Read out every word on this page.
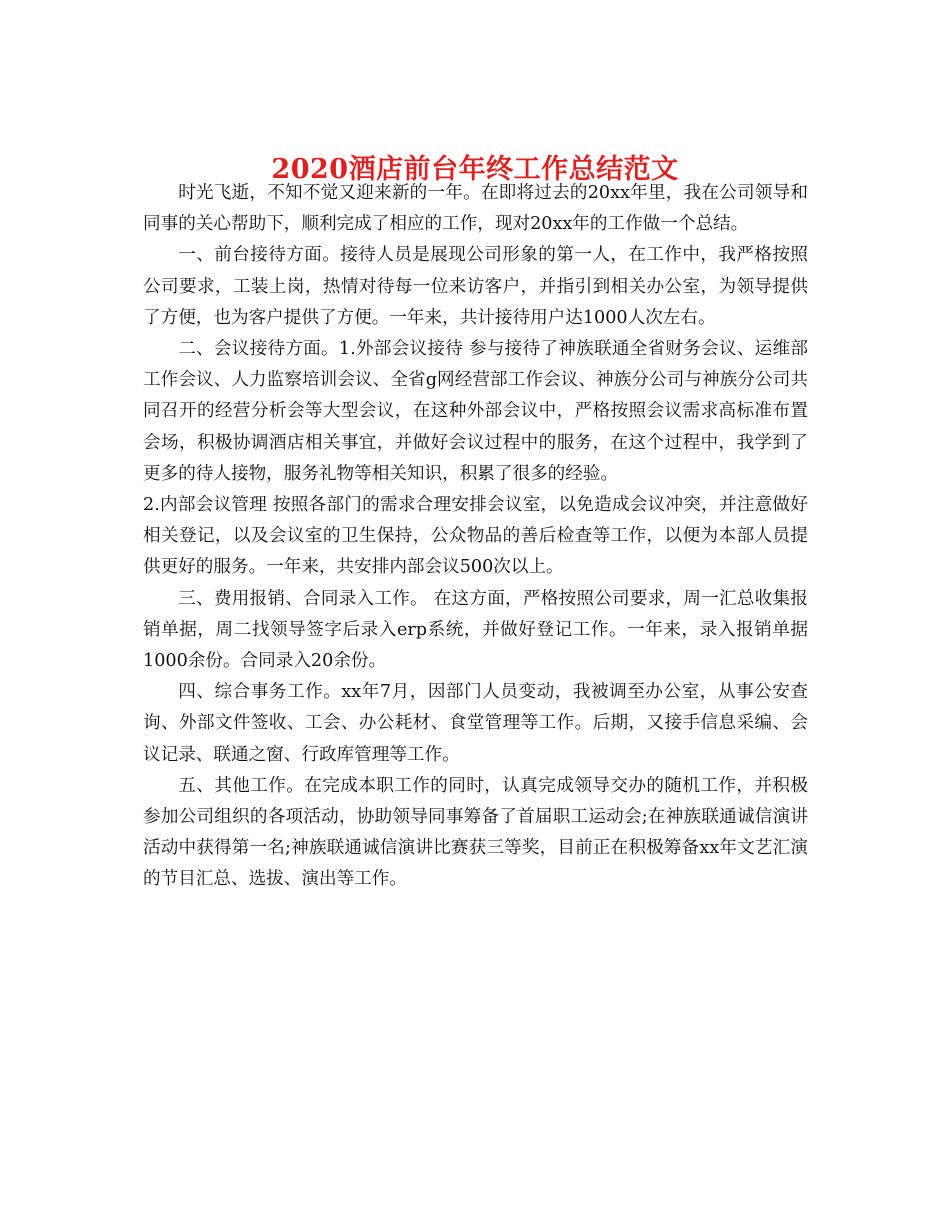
2020酒店前台年终工作总结范文

时光飞逝，不知不觉又迎来新的一年。在即将过去的20xx年里，我在公司领导和同事的关心帮助下，顺利完成了相应的工作，现对20xx年的工作做一个总结。

一、前台接待方面。接待人员是展现公司形象的第一人，在工作中，我严格按照公司要求，工装上岗，热情对待每一位来访客户，并指引到相关办公室，为领导提供了方便，也为客户提供了方便。一年来，共计接待用户达1000人次左右。

二、会议接待方面。1.外部会议接待 参与接待了神族联通全省财务会议、运维部工作会议、人力监察培训会议、全省g网经营部工作会议、神族分公司与神族分公司共同召开的经营分析会等大型会议，在这种外部会议中，严格按照会议需求高标准布置会场，积极协调酒店相关事宜，并做好会议过程中的服务，在这个过程中，我学到了更多的待人接物，服务礼物等相关知识，积累了很多的经验。

2.内部会议管理 按照各部门的需求合理安排会议室，以免造成会议冲突，并注意做好相关登记，以及会议室的卫生保持，公众物品的善后检查等工作，以便为本部人员提供更好的服务。一年来，共安排内部会议500次以上。

三、费用报销、合同录入工作。 在这方面，严格按照公司要求，周一汇总收集报销单据，周二找领导签字后录入erp系统，并做好登记工作。一年来，录入报销单据1000余份。合同录入20余份。

四、综合事务工作。xx年7月，因部门人员变动，我被调至办公室，从事公安查询、外部文件签收、工会、办公耗材、食堂管理等工作。后期，又接手信息采编、会议记录、联通之窗、行政库管理等工作。

五、其他工作。在完成本职工作的同时，认真完成领导交办的随机工作，并积极参加公司组织的各项活动，协助领导同事筹备了首届职工运动会;在神族联通诚信演讲活动中获得第一名;神族联通诚信演讲比赛获三等奖，目前正在积极筹备xx年文艺汇演的节目汇总、选拔、演出等工作。
